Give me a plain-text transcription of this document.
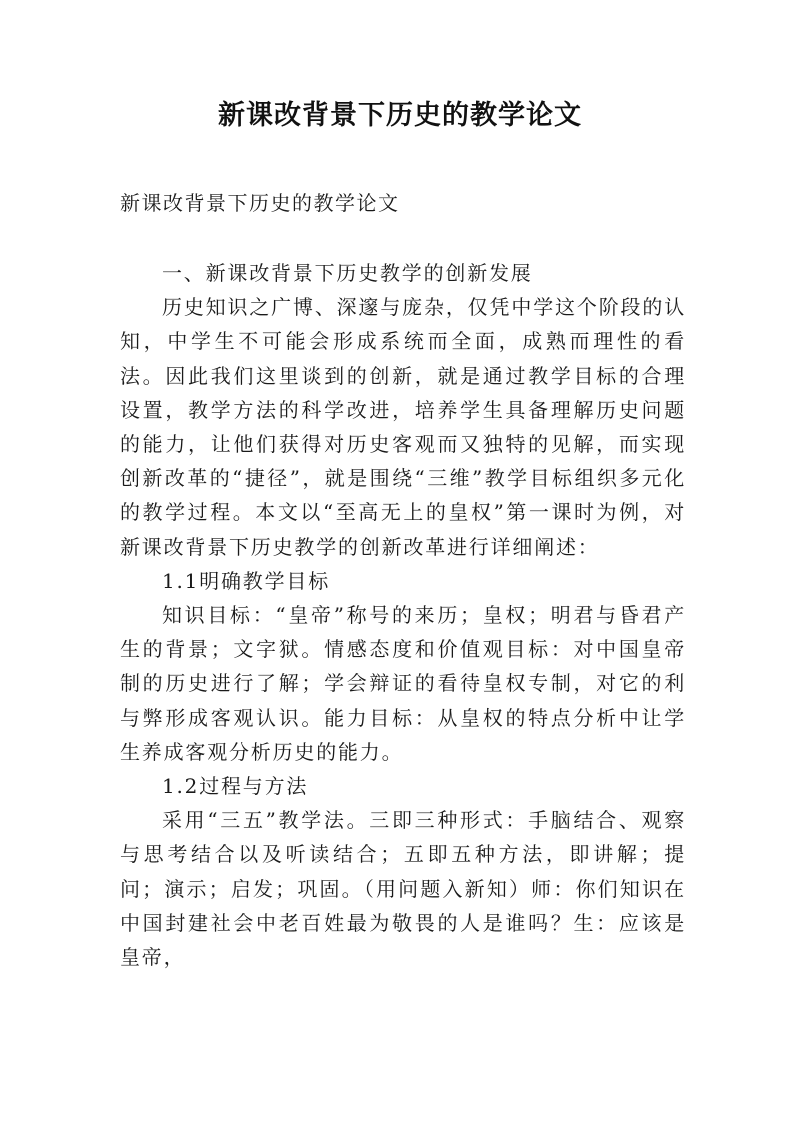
新课改背景下历史的教学论文
新课改背景下历史的教学论文

一、新课改背景下历史教学的创新发展

历史知识之广博、深邃与庞杂，仅凭中学这个阶段的认知，中学生不可能会形成系统而全面，成熟而理性的看法。因此我们这里谈到的创新，就是通过教学目标的合理设置，教学方法的科学改进，培养学生具备理解历史问题的能力，让他们获得对历史客观而又独特的见解，而实现创新改革的“捷径”，就是围绕“三维”教学目标组织多元化的教学过程。本文以“至高无上的皇权”第一课时为例，对新课改背景下历史教学的创新改革进行详细阐述：

1.1明确教学目标

知识目标：“皇帝”称号的来历；皇权；明君与昏君产生的背景；文字狱。情感态度和价值观目标：对中国皇帝制的历史进行了解；学会辩证的看待皇权专制，对它的利与弊形成客观认识。能力目标：从皇权的特点分析中让学生养成客观分析历史的能力。

1.2过程与方法

采用“三五”教学法。三即三种形式：手脑结合、观察与思考结合以及听读结合；五即五种方法，即讲解；提问；演示；启发；巩固。（用问题入新知）师：你们知识在中国封建社会中老百姓最为敬畏的人是谁吗？生：应该是皇帝，
